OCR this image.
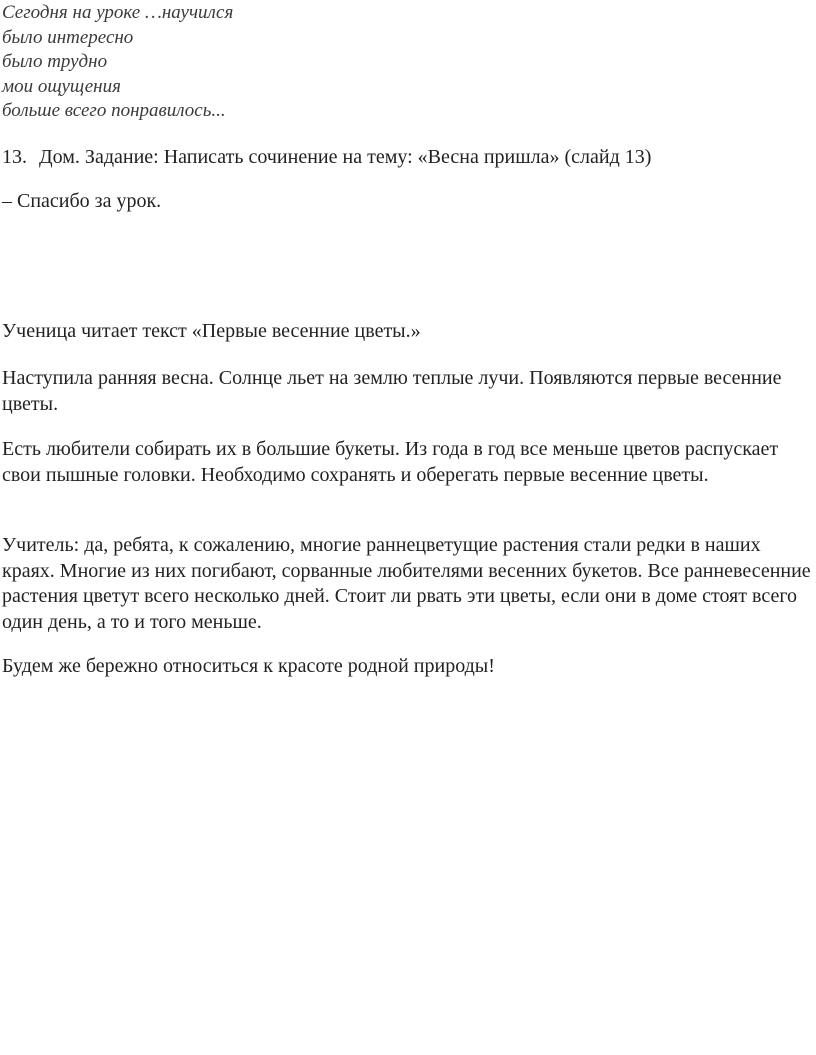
Сегодня на уроке …научился
было интересно
было трудно
мои ощущения
больше всего понравилось...

13. Дом. Задание: Написать сочинение на тему: «Весна пришла» (слайд 13)

– Спасибо за урок.

Ученица читает текст «Первые весенние цветы.»

Наступила ранняя весна. Солнце льет на землю теплые лучи. Появляются первые весенние цветы.

Есть любители собирать их в большие букеты. Из года в год все меньше цветов распускает свои пышные головки. Необходимо сохранять и оберегать первые весенние цветы.

Учитель: да, ребята, к сожалению, многие раннецветущие растения стали редки в наших краях. Многие из них погибают, сорванные любителями весенних букетов. Все ранневесенние растения цветут всего несколько дней. Стоит ли рвать эти цветы, если они в доме стоят всего один день, а то и того меньше.

Будем же бережно относиться к красоте родной природы!
